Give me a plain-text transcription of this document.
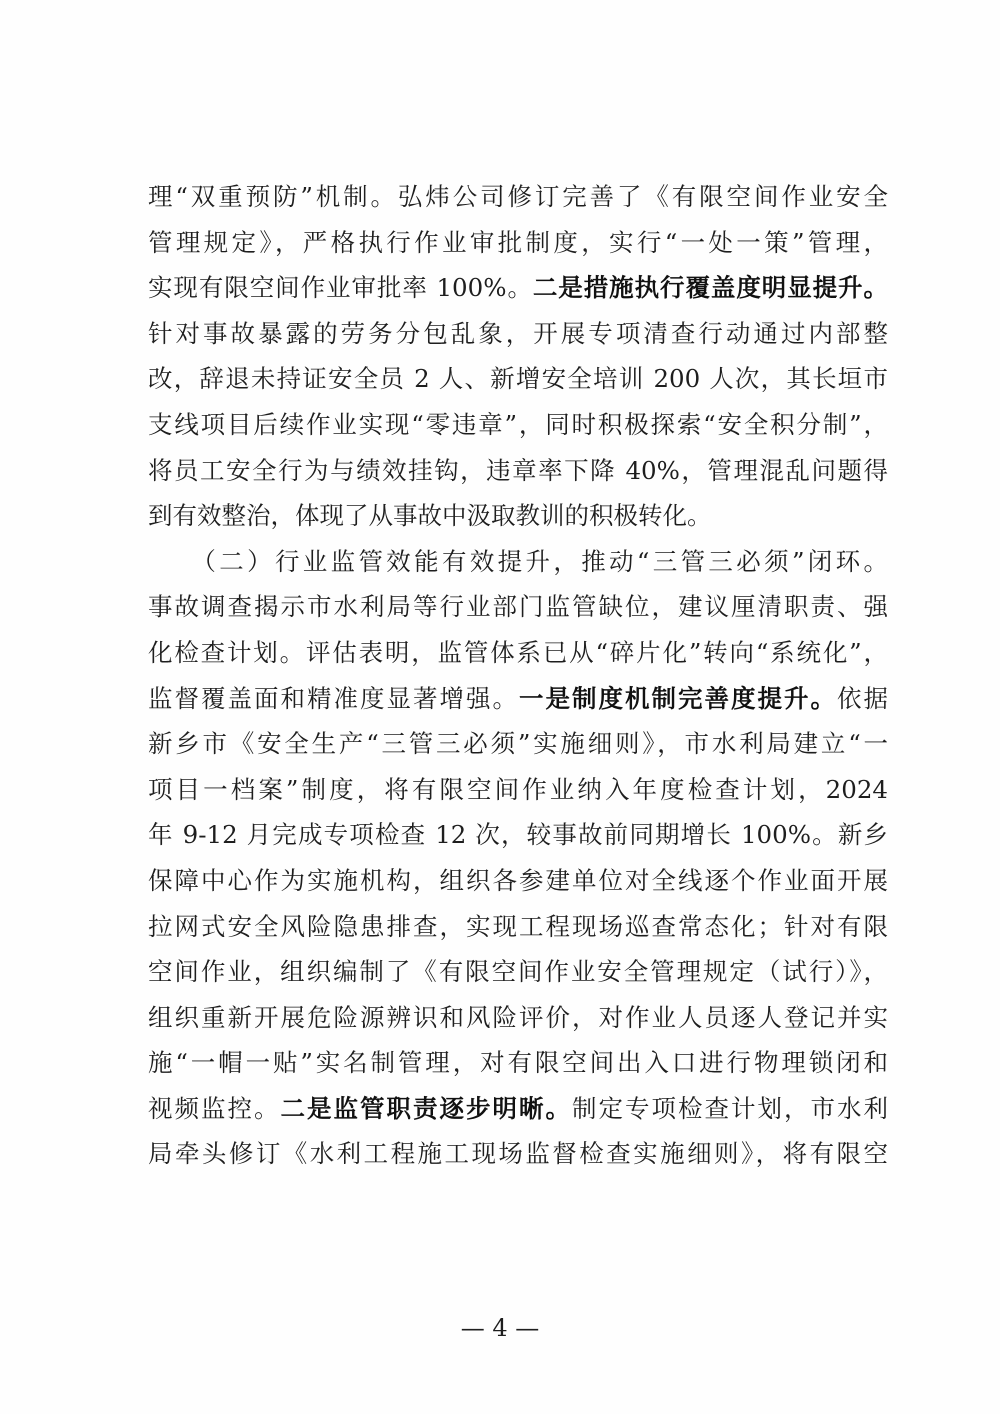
理“双重预防”机制。弘炜公司修订完善了《有限空间作业安全
管理规定》，严格执行作业审批制度，实行“一处一策”管理，
实现有限空间作业审批率 100%。二是措施执行覆盖度明显提升。
针对事故暴露的劳务分包乱象，开展专项清查行动通过内部整
改，辞退未持证安全员 2 人、新增安全培训 200 人次，其长垣市
支线项目后续作业实现“零违章”，同时积极探索“安全积分制”，
将员工安全行为与绩效挂钩，违章率下降 40%，管理混乱问题得
到有效整治，体现了从事故中汲取教训的积极转化。
　　（二）行业监管效能有效提升，推动“三管三必须”闭环。
事故调查揭示市水利局等行业部门监管缺位，建议厘清职责、强
化检查计划。评估表明，监管体系已从“碎片化”转向“系统化”，
监督覆盖面和精准度显著增强。一是制度机制完善度提升。依据
新乡市《安全生产“三管三必须”实施细则》，市水利局建立“一
项目一档案”制度，将有限空间作业纳入年度检查计划，2024
年 9-12 月完成专项检查 12 次，较事故前同期增长 100%。新乡
保障中心作为实施机构，组织各参建单位对全线逐个作业面开展
拉网式安全风险隐患排查，实现工程现场巡查常态化；针对有限
空间作业，组织编制了《有限空间作业安全管理规定（试行）》，
组织重新开展危险源辨识和风险评价，对作业人员逐人登记并实
施“一帽一贴”实名制管理，对有限空间出入口进行物理锁闭和
视频监控。二是监管职责逐步明晰。制定专项检查计划，市水利
局牵头修订《水利工程施工现场监督检查实施细则》，将有限空
— 4 —
